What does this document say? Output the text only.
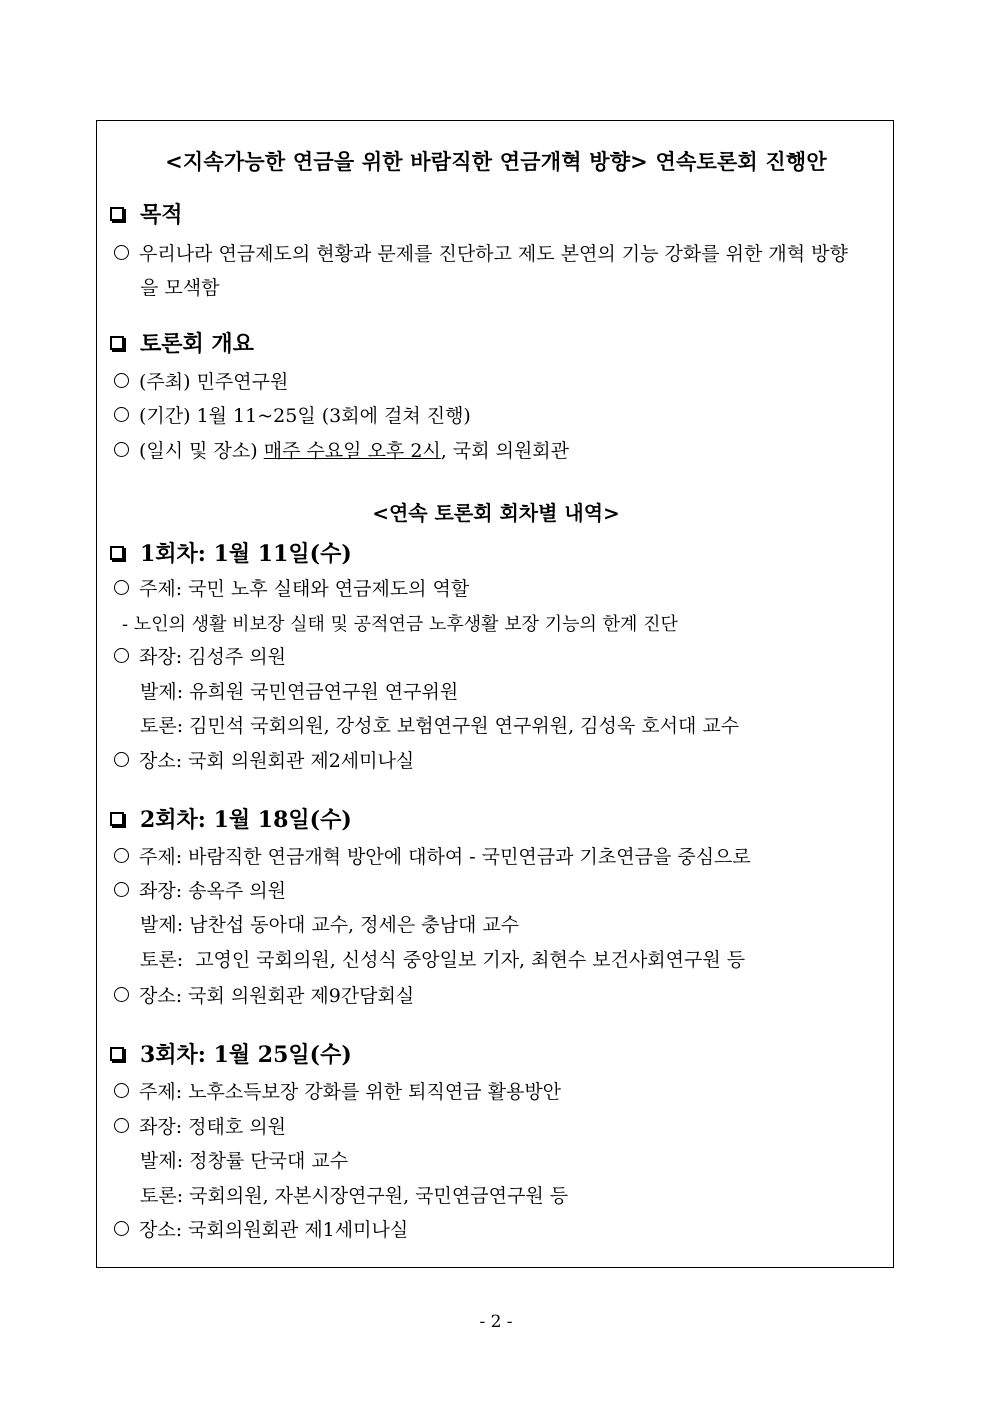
<지속가능한 연금을 위한 바람직한 연금개혁 방향> 연속토론회 진행안
목적
우리나라 연금제도의 현황과 문제를 진단하고 제도 본연의 기능 강화를 위한 개혁 방향
을 모색함
토론회 개요
(주최) 민주연구원
(기간) 1월 11~25일 (3회에 걸쳐 진행)
(일시 및 장소) 매주 수요일 오후 2시 , 국회 의원회관
<연속 토론회 회차별 내역>
1회차: 1월 11일(수)
주제: 국민 노후 실태와 연금제도의 역할
- 노인의 생활 비보장 실태 및 공적연금 노후생활 보장 기능의 한계 진단
좌장: 김성주 의원
발제: 유희원 국민연금연구원 연구위원
토론: 김민석 국회의원, 강성호 보험연구원 연구위원, 김성욱 호서대 교수
장소: 국회 의원회관 제2세미나실
2회차: 1월 18일(수)
주제: 바람직한 연금개혁 방안에 대하여 - 국민연금과 기초연금을 중심으로
좌장: 송옥주 의원
발제: 남찬섭 동아대 교수, 정세은 충남대 교수
토론:  고영인 국회의원, 신성식 중앙일보 기자, 최현수 보건사회연구원 등
장소: 국회 의원회관 제9간담회실
3회차: 1월 25일(수)
주제: 노후소득보장 강화를 위한 퇴직연금 활용방안
좌장: 정태호 의원
발제: 정창률 단국대 교수
토론: 국회의원, 자본시장연구원, 국민연금연구원 등
장소: 국회의원회관 제1세미나실
- 2 -
